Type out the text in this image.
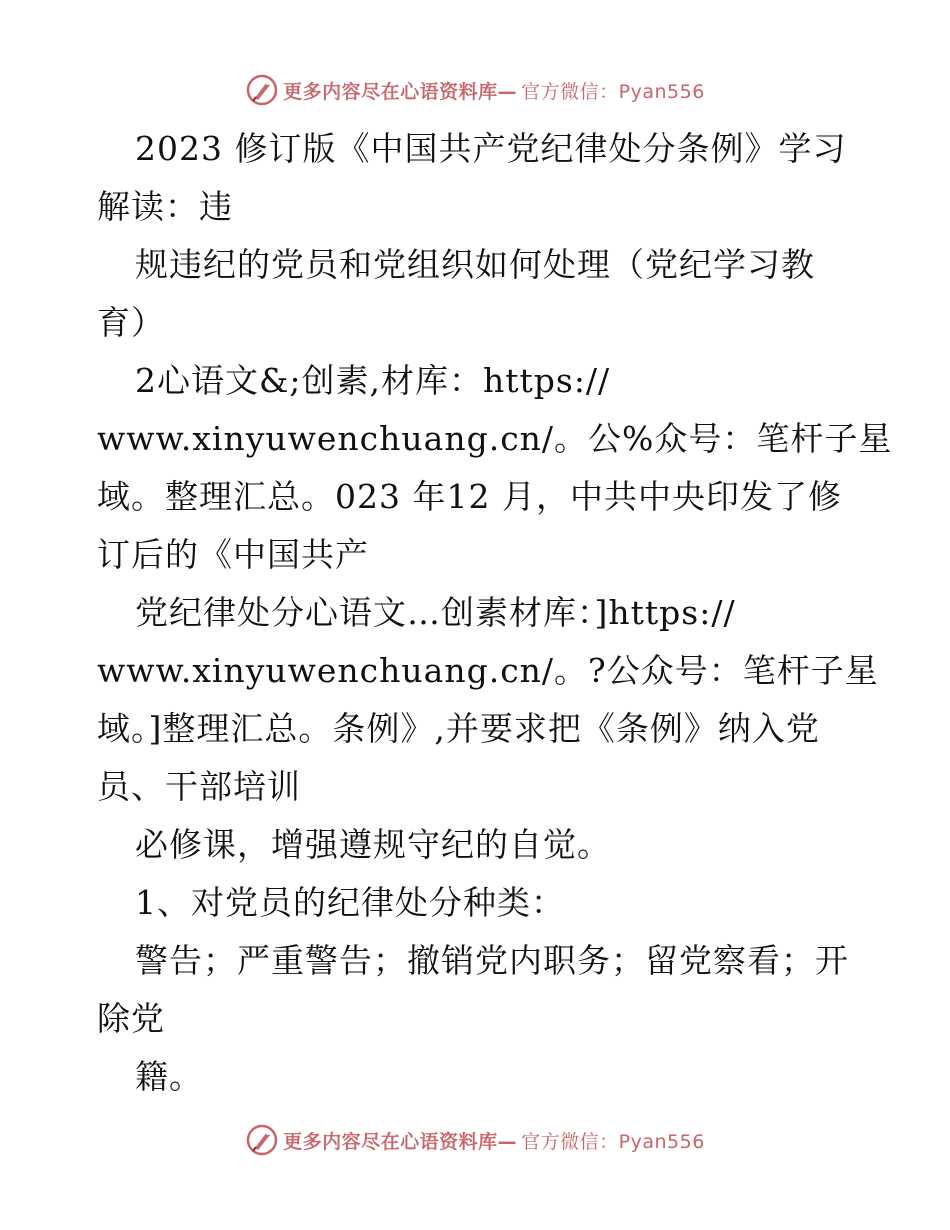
更多内容尽在心语资料库— 官方微信：Pyan556
2023 修订版《中国共产党纪律处分条例》学习
解读：违
规违纪的党员和党组织如何处理（党纪学习教
育）
2心语文&;创素,材库：https://
www.xinyuwenchuang.cn/。公%众号：笔杆子星
域。整理汇总。023 年12 月，中共中央印发了修
订后的《中国共产
党纪律处分心语文…创素材库：]https://
www.xinyuwenchuang.cn/。?公众号：笔杆子星
域。]整理汇总。条例》,并要求把《条例》纳入党
员、干部培训
必修课，增强遵规守纪的自觉。
1、对党员的纪律处分种类：
警告；严重警告；撤销党内职务；留党察看；开
除党
籍。
更多内容尽在心语资料库— 官方微信：Pyan556
